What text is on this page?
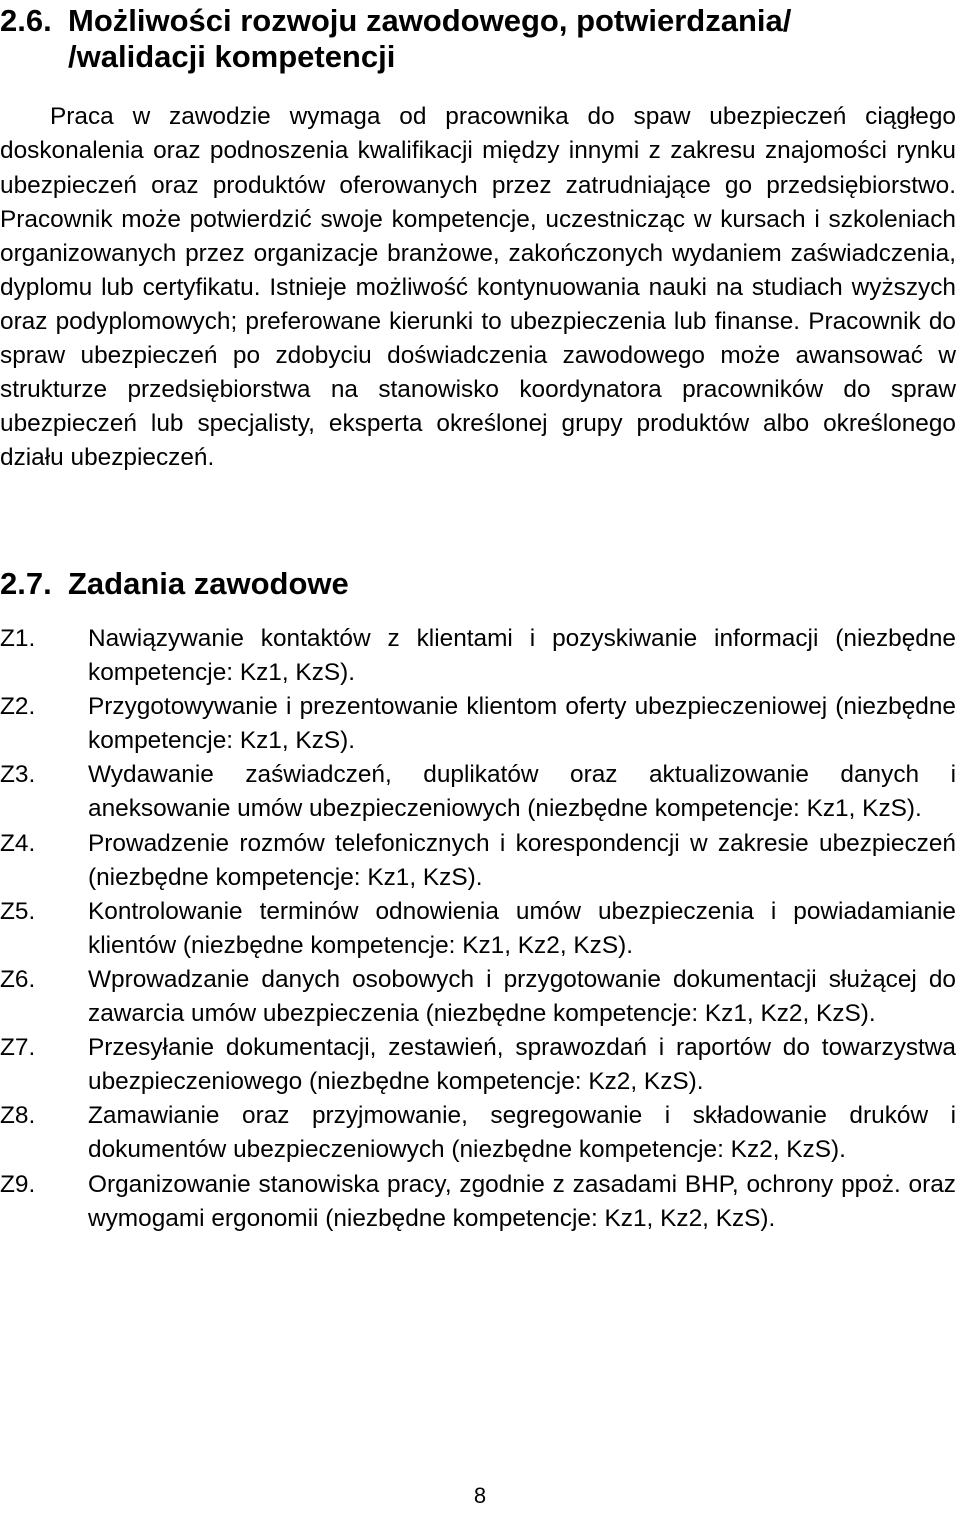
2.6. Możliwości rozwoju zawodowego, potwierdzania/
/walidacji kompetencji

Praca w zawodzie wymaga od pracownika do spaw ubezpieczeń ciągłego doskonalenia oraz podnoszenia kwalifikacji między innymi z zakresu znajomości rynku ubezpieczeń oraz produktów oferowanych przez zatrudniające go przedsiębiorstwo. Pracownik może potwierdzić swoje kompetencje, uczestnicząc w kursach i szkoleniach organizowanych przez organizacje branżowe, zakończonych wydaniem zaświadczenia, dyplomu lub certyfikatu. Istnieje możliwość kontynuowania nauki na studiach wyższych oraz podyplomowych; preferowane kierunki to ubezpieczenia lub finanse. Pracownik do spraw ubezpieczeń po zdobyciu doświadczenia zawodowego może awansować w strukturze przedsiębiorstwa na stanowisko koordynatora pracowników do spraw ubezpieczeń lub specjalisty, eksperta określonej grupy produktów albo określonego działu ubezpieczeń.

2.7. Zadania zawodowe
Z1.	Nawiązywanie kontaktów z klientami i pozyskiwanie informacji (niezbędne kompetencje: Kz1, KzS).
Z2.	Przygotowywanie i prezentowanie klientom oferty ubezpieczeniowej (niezbędne kompetencje: Kz1, KzS).
Z3.	Wydawanie zaświadczeń, duplikatów oraz aktualizowanie danych i aneksowanie umów ubezpieczeniowych (niezbędne kompetencje: Kz1, KzS).
Z4.	Prowadzenie rozmów telefonicznych i korespondencji w zakresie ubezpieczeń (niezbędne kompetencje: Kz1, KzS).
Z5.	Kontrolowanie terminów odnowienia umów ubezpieczenia i powiadamianie klientów (niezbędne kompetencje: Kz1, Kz2, KzS).
Z6.	Wprowadzanie danych osobowych i przygotowanie dokumentacji służącej do zawarcia umów ubezpieczenia (niezbędne kompetencje: Kz1, Kz2, KzS).
Z7.	Przesyłanie dokumentacji, zestawień, sprawozdań i raportów do towarzystwa ubezpieczeniowego (niezbędne kompetencje: Kz2, KzS).
Z8.	Zamawianie oraz przyjmowanie, segregowanie i składowanie druków i dokumentów ubezpieczeniowych (niezbędne kompetencje: Kz2, KzS).
Z9.	Organizowanie stanowiska pracy, zgodnie z zasadami BHP, ochrony ppoż. oraz wymogami ergonomii (niezbędne kompetencje: Kz1, Kz2, KzS).
8
